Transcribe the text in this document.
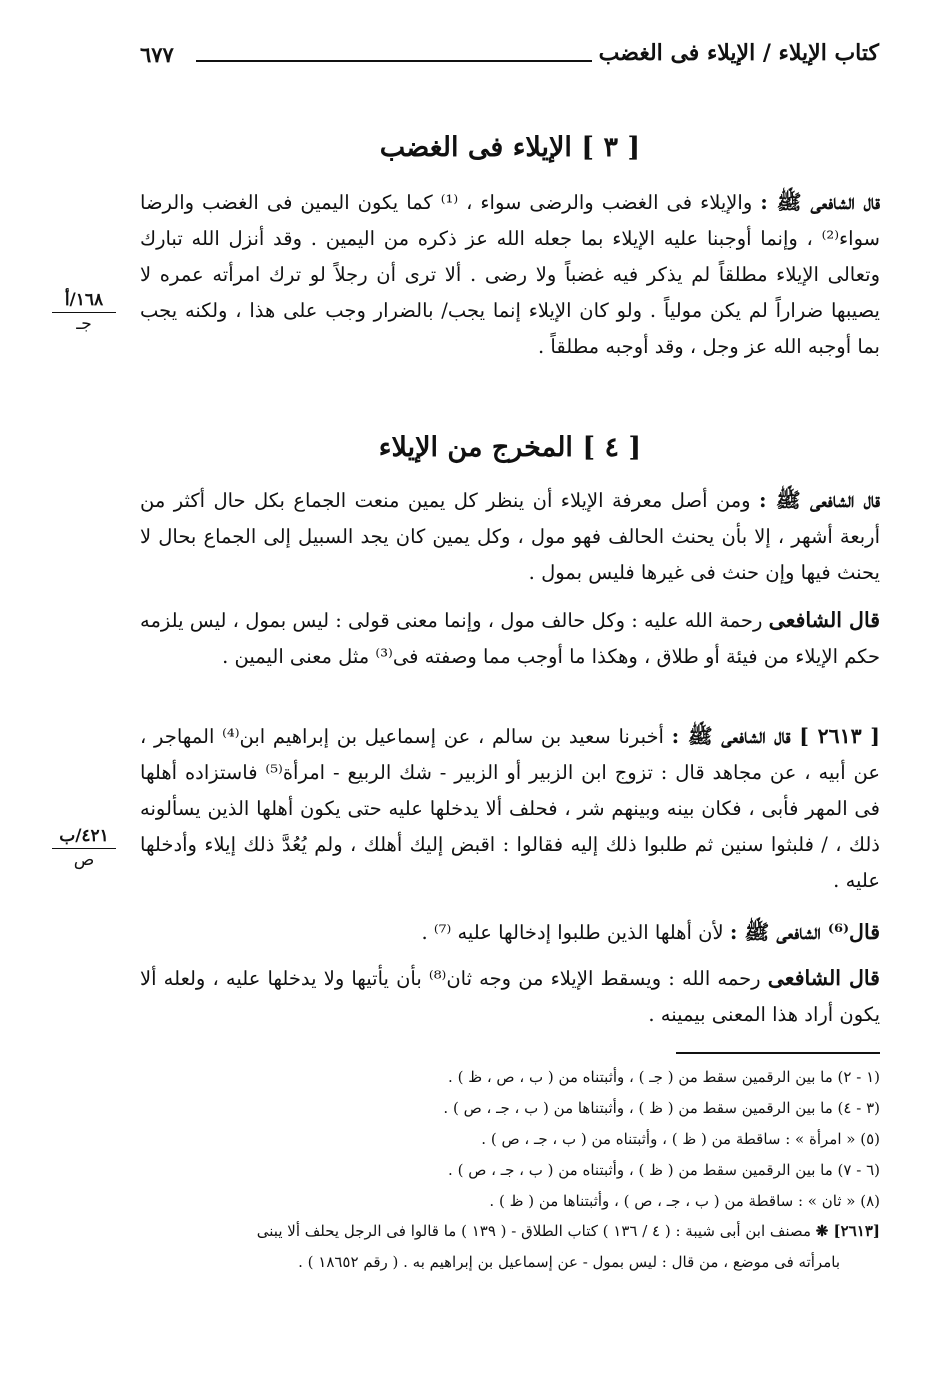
كتاب الإيلاء / الإيلاء فى الغضب
٦٧٧
[ ٣ ] الإيلاء فى الغضب
قال الشافعى ﷺ : والإيلاء فى الغضب والرضى سواء ، ⁽¹⁾ كما يكون اليمين فى الغضب والرضا سواء⁽²⁾ ، وإنما أوجبنا عليه الإيلاء بما جعله الله عز ذكره من اليمين . وقد أنزل الله تبارك وتعالى الإيلاء مطلقاً لم يذكر فيه غضباً ولا رضى . ألا ترى أن رجلاً لو ترك امرأته عمره لا يصيبها ضراراً لم يكن مولياً . ولو كان الإيلاء إنما يجب/ بالضرار وجب على هذا ، ولكنه يجب بما أوجبه الله عز وجل ، وقد أوجبه مطلقاً .
١٦٨/أ
جـ
[ ٤ ] المخرج من الإيلاء
قال الشافعى ﷺ : ومن أصل معرفة الإيلاء أن ينظر كل يمين منعت الجماع بكل حال أكثر من أربعة أشهر ، إلا بأن يحنث الحالف فهو مول ، وكل يمين كان يجد السبيل إلى الجماع بحال لا يحنث فيها وإن حنث فى غيرها فليس بمول .
قال الشافعى رحمة الله عليه : وكل حالف مول ، وإنما معنى قولى : ليس بمول ، ليس يلزمه حكم الإيلاء من فيئة أو طلاق ، وهكذا ما أوجب مما وصفته فى⁽³⁾ مثل معنى اليمين .
[ ٢٦١٣ ] قال الشافعى ﷺ : أخبرنا سعيد بن سالم ، عن إسماعيل بن إبراهيم ابن⁽⁴⁾ المهاجر ، عن أبيه ، عن مجاهد قال : تزوج ابن الزبير أو الزبير - شك الربيع - امرأة⁽⁵⁾ فاستزاده أهلها فى المهر فأبى ، فكان بينه وبينهم شر ، فحلف ألا يدخلها عليه حتى يكون أهلها الذين يسألونه ذلك ، / فلبثوا سنين ثم طلبوا ذلك إليه فقالوا : اقبض إليك أهلك ، ولم يُعُدَّ ذلك إيلاء وأدخلها عليه .
٤٢١/ب
ص
قال⁽⁶⁾ الشافعى ﷺ : لأن أهلها الذين طلبوا إدخالها عليه ⁽⁷⁾ .
قال الشافعى رحمه الله : ويسقط الإيلاء من وجه ثان⁽⁸⁾ بأن يأتيها ولا يدخلها عليه ، ولعله ألا يكون أراد هذا المعنى بيمينه .
(١ - ٢) ما بين الرقمين سقط من ( جـ ) ، وأثبتناه من ( ب ، ص ، ظ ) .
(٣ - ٤) ما بين الرقمين سقط من ( ظ ) ، وأثبتناها من ( ب ، جـ ، ص ) .
(٥) « امرأة » : ساقطة من ( ظ ) ، وأثبتناه من ( ب ، جـ ، ص ) .
(٦ - ٧) ما بين الرقمين سقط من ( ظ ) ، وأثبتناه من ( ب ، جـ ، ص ) .
(٨) « ثان » : ساقطة من ( ب ، جـ ، ص ) ، وأثبتناها من ( ظ ) .
[٢٦١٣] ❋ مصنف ابن أبى شيبة : ( ٤ / ١٣٦ ) كتاب الطلاق - ( ١٣٩ ) ما قالوا فى الرجل يحلف ألا يبنى
بامرأته فى موضع ، من قال : ليس بمول - عن إسماعيل بن إبراهيم به . ( رقم ١٨٦٥٢ ) .
